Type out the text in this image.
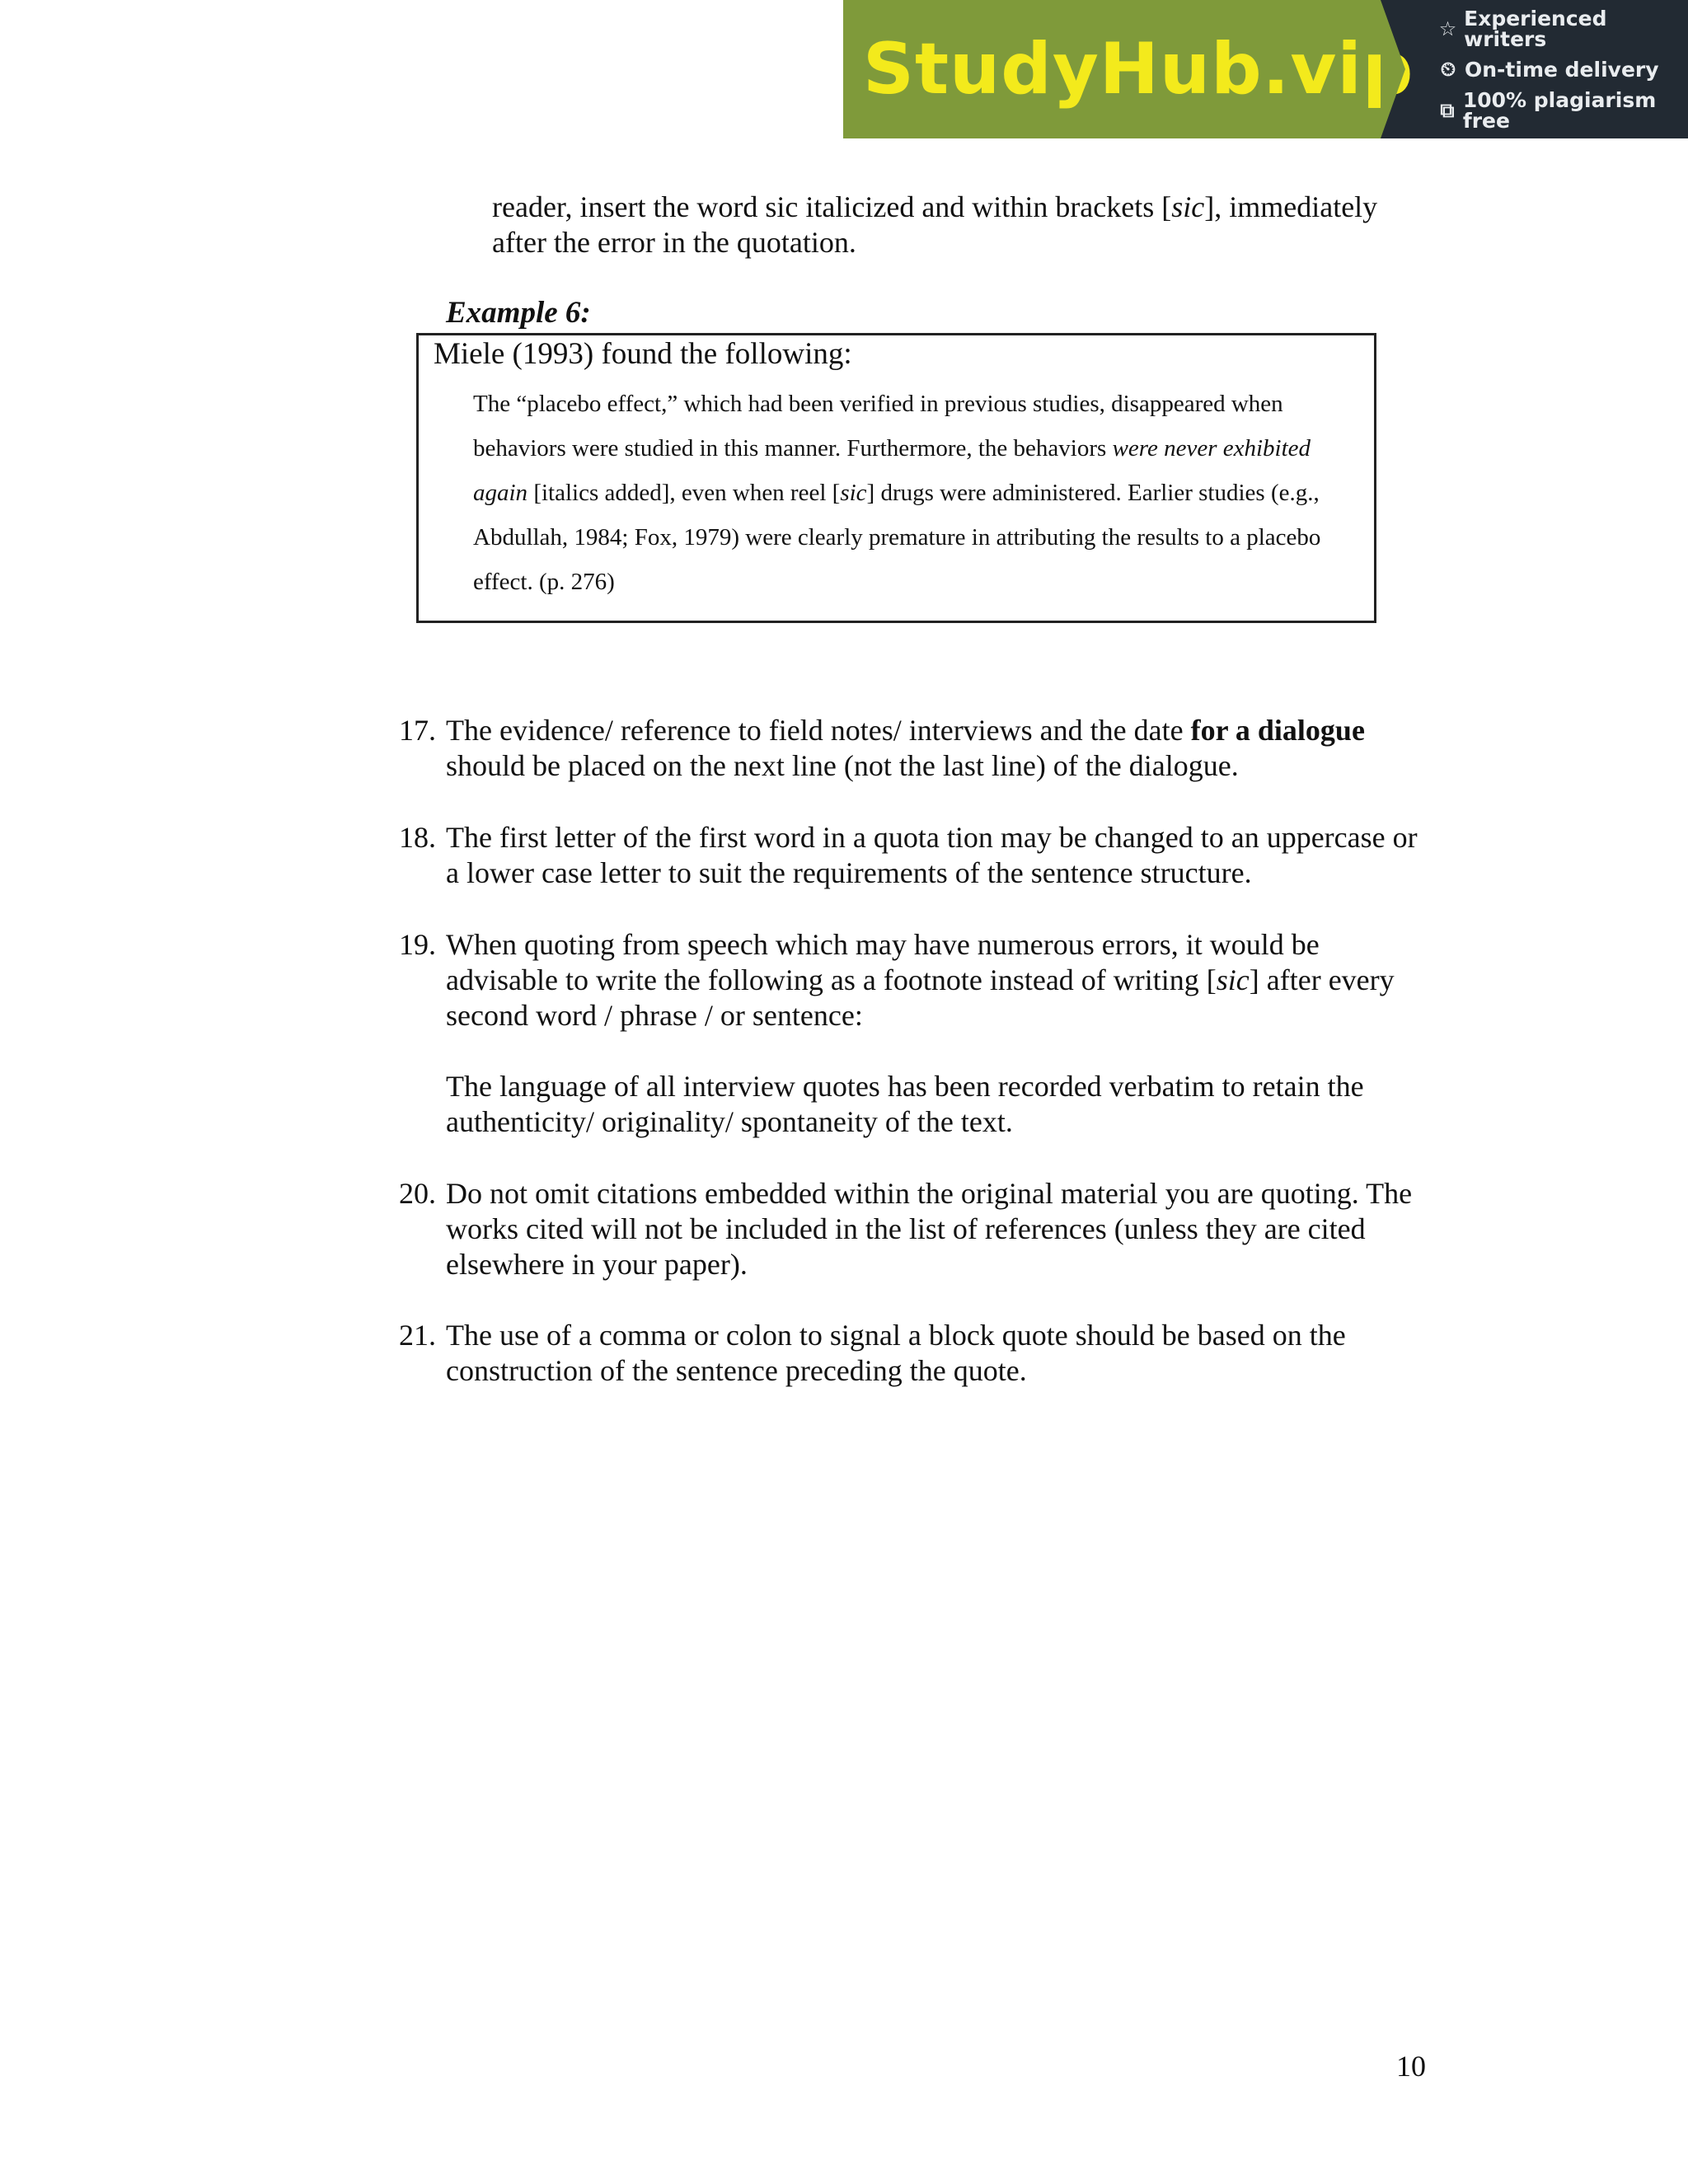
StudyHub.vip ☆ Experienced writers
⏲ On-time delivery
⧉ 100% plagiarism free
reader, insert the word sic italicized and within brackets [sic], immediately after the error in the quotation.
Example 6:
Miele (1993) found the following:
The “placebo effect,” which had been verified in previous studies, disappeared when behaviors were studied in this manner. Furthermore, the behaviors were never exhibited again [italics added], even when reel [sic] drugs were administered. Earlier studies (e.g., Abdullah, 1984; Fox, 1979) were clearly premature in attributing the results to a placebo effect. (p. 276)
17. The evidence/ reference to field notes/ interviews and the date for a dialogue should be placed on the next line (not the last line) of the dialogue.
18. The first letter of the first word in a quota tion may be changed to an uppercase or a lower case letter to suit the requirements of the sentence structure.
19. When quoting from speech which may have numerous errors, it would be advisable to write the following as a footnote instead of writing [sic] after every second word / phrase / or sentence:
The language of all interview quotes has been recorded verbatim to retain the authenticity/ originality/ spontaneity of the text.
20. Do not omit citations embedded within the original material you are quoting. The works cited will not be included in the list of references (unless they are cited elsewhere in your paper).
21. The use of a comma or colon to signal a block quote should be based on the construction of the sentence preceding the quote.
10
